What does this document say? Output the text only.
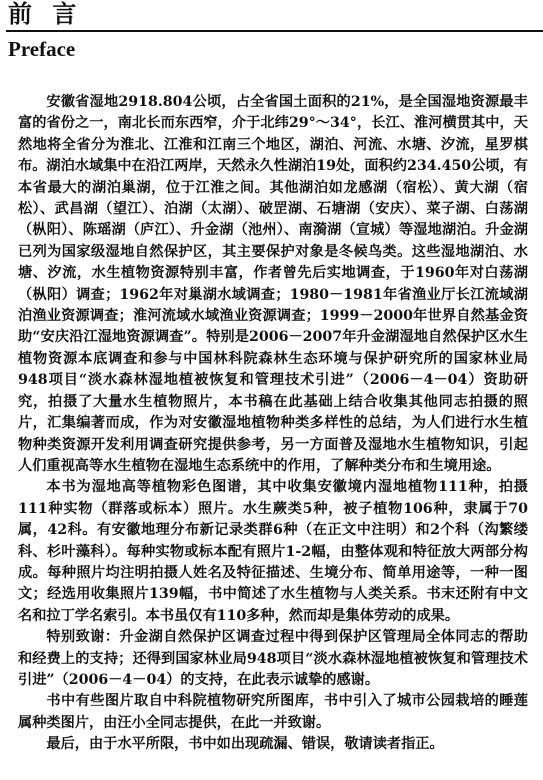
前 言
Preface

安徽省湿地2918.804公顷，占全省国土面积的21%，是全国湿地资源最丰富的省份之一，南北长而东西窄，介于北纬29°～34°，长江、淮河横贯其中，天然地将全省分为淮北、江淮和江南三个地区，湖泊、河流、水塘、汐流，星罗棋布。湖泊水域集中在沿江两岸，天然永久性湖泊19处，面积约234.450公顷，有本省最大的湖泊巢湖，位于江淮之间。其他湖泊如龙感湖（宿松）、黄大湖（宿松）、武昌湖（望江）、泊湖（太湖）、破罡湖、石塘湖（安庆）、菜子湖、白荡湖（枞阳）、陈瑶湖（庐江）、升金湖（池州）、南漪湖（宣城）等湿地湖泊。升金湖已列为国家级湿地自然保护区，其主要保护对象是冬候鸟类。这些湿地湖泊、水塘、汐流，水生植物资源特别丰富，作者曾先后实地调查，于1960年对白荡湖（枞阳）调查；1962年对巢湖水域调查；1980－1981年省渔业厅长江流域湖泊渔业资源调查；淮河流域水域渔业资源调查；1999－2000年世界自然基金资助“安庆沿江湿地资源调查”。特别是2006－2007年升金湖湿地自然保护区水生植物资源本底调查和参与中国林科院森林生态环境与保护研究所的国家林业局948项目“淡水森林湿地植被恢复和管理技术引进”（2006－4－04）资助研究，拍摄了大量水生植物照片，本书稿在此基础上结合收集其他同志拍摄的照片，汇集编著而成，作为对安徽湿地植物种类多样性的总结，为人们进行水生植物种类资源开发利用调查研究提供参考，另一方面普及湿地水生植物知识，引起人们重视高等水生植物在湿地生态系统中的作用，了解种类分布和生境用途。

本书为湿地高等植物彩色图谱，其中收集安徽境内湿地植物111种，拍摄111种实物（群落或标本）照片。水生蕨类5种，被子植物106种，隶属于70属，42科。有安徽地理分布新记录类群6种（在正文中注明）和2个科（沟繁缕科、杉叶藻科）。每种实物或标本配有照片1-2幅，由整体观和特征放大两部分构成。每种照片均注明拍摄人姓名及特征描述、生境分布、简单用途等，一种一图文；经选用收集照片139幅，书中简述了水生植物与人类关系。书末还附有中文名和拉丁学名索引。本书虽仅有110多种，然而却是集体劳动的成果。

特别致谢：升金湖自然保护区调查过程中得到保护区管理局全体同志的帮助和经费上的支持；还得到国家林业局948项目“淡水森林湿地植被恢复和管理技术引进”（2006－4－04）的支持，在此表示诚挚的感谢。

书中有些图片取自中科院植物研究所图库，书中引入了城市公园栽培的睡莲属种类图片，由汪小全同志提供，在此一并致谢。

最后，由于水平所限，书中如出现疏漏、错误，敬请读者指正。
